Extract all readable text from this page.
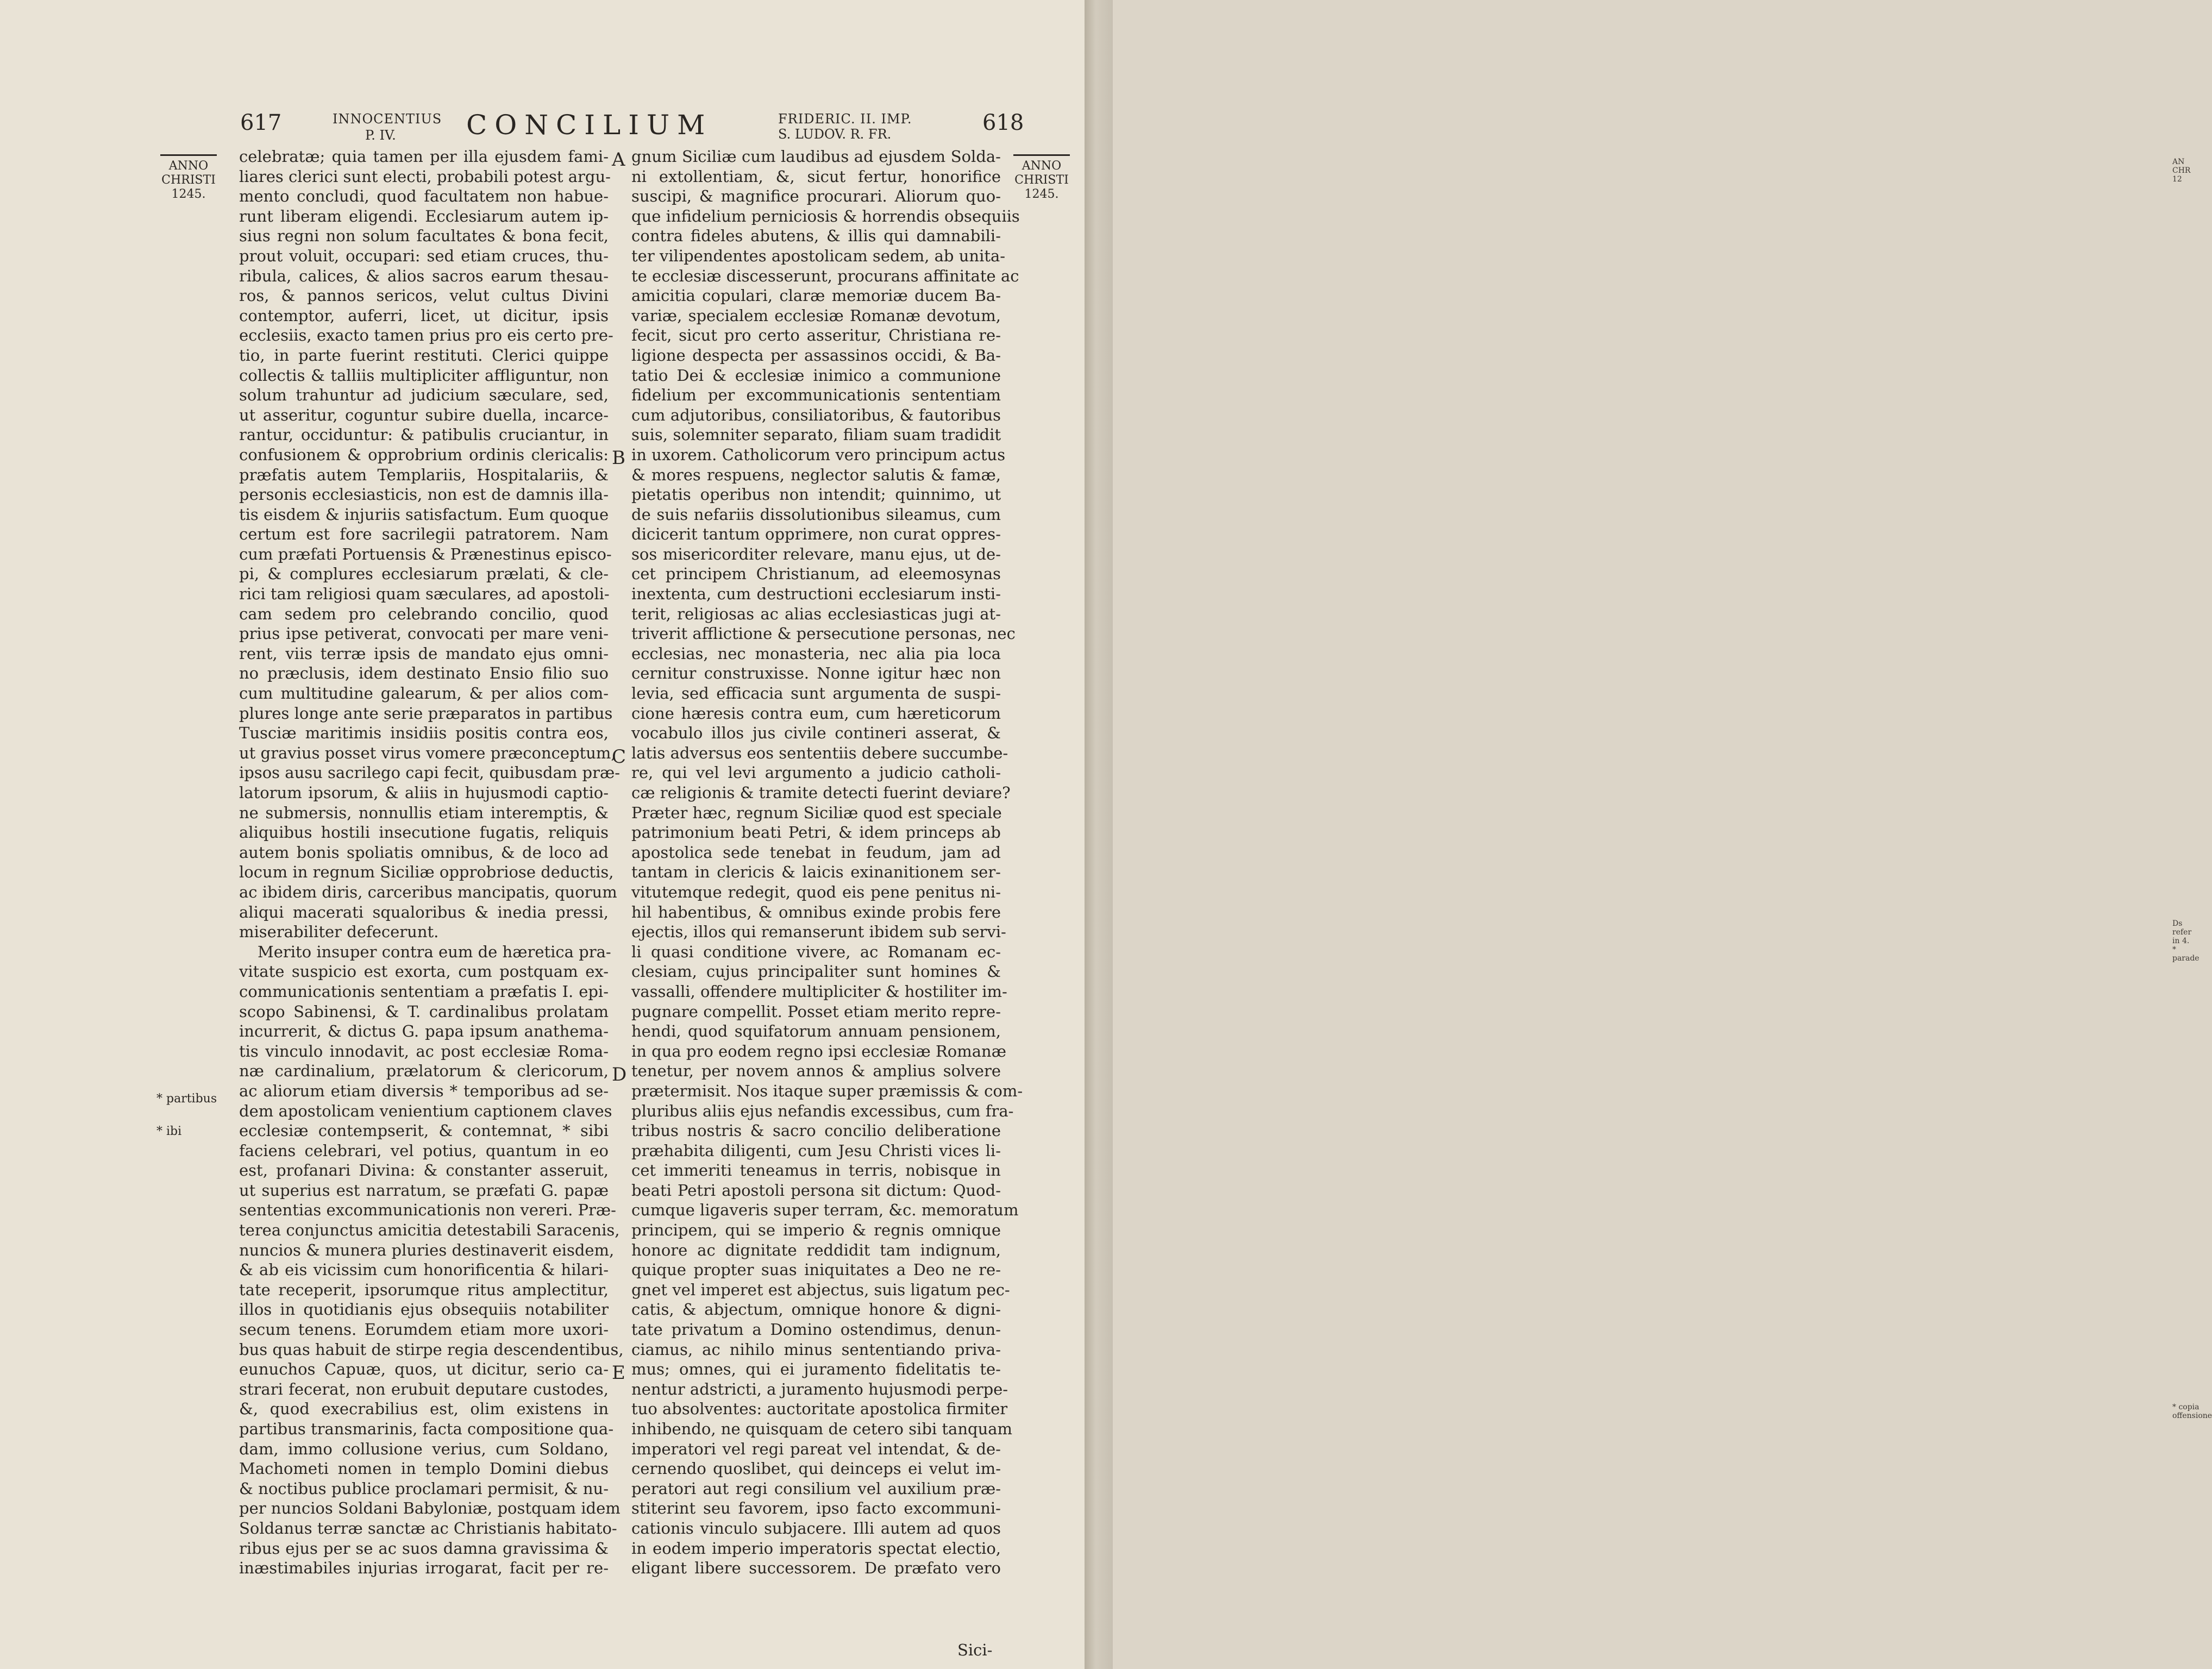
617	INNOCENTIUS
P. IV.	CONCILIUM	FRIDERIC. II. IMP.
S. LUDOV. R. FR.	618
ANNO
CHRISTI
1245.
ANNO
CHRISTI
1245.
* partibus
* ibi
A
B
C
D
E
celebratæ; quia tamen per illa ejusdem fami-
liares clerici sunt electi, probabili potest argu-
mento concludi, quod facultatem non habue-
runt liberam eligendi. Ecclesiarum autem ip-
sius regni non solum facultates & bona fecit,
prout voluit, occupari: sed etiam cruces, thu-
ribula, calices, & alios sacros earum thesau-
ros, & pannos sericos, velut cultus Divini
contemptor, auferri, licet, ut dicitur, ipsis
ecclesiis, exacto tamen prius pro eis certo pre-
tio, in parte fuerint restituti. Clerici quippe
collectis & talliis multipliciter affliguntur, non
solum trahuntur ad judicium sæculare, sed,
ut asseritur, coguntur subire duella, incarce-
rantur, occiduntur: & patibulis cruciantur, in
confusionem & opprobrium ordinis clericalis:
præfatis autem Templariis, Hospitalariis, &
personis ecclesiasticis, non est de damnis illa-
tis eisdem & injuriis satisfactum. Eum quoque
certum est fore sacrilegii patratorem. Nam
cum præfati Portuensis & Prænestinus episco-
pi, & complures ecclesiarum prælati, & cle-
rici tam religiosi quam sæculares, ad apostoli-
cam sedem pro celebrando concilio, quod
prius ipse petiverat, convocati per mare veni-
rent, viis terræ ipsis de mandato ejus omni-
no præclusis, idem destinato Ensio filio suo
cum multitudine galearum, & per alios com-
plures longe ante serie præparatos in partibus
Tusciæ maritimis insidiis positis contra eos,
ut gravius posset virus vomere præconceptum,
ipsos ausu sacrilego capi fecit, quibusdam præ-
latorum ipsorum, & aliis in hujusmodi captio-
ne submersis, nonnullis etiam interemptis, &
aliquibus hostili insecutione fugatis, reliquis
autem bonis spoliatis omnibus, & de loco ad
locum in regnum Siciliæ opprobriose deductis,
ac ibidem diris, carceribus mancipatis, quorum
aliqui macerati squaloribus & inedia pressi,
miserabiliter defecerunt.
Merito insuper contra eum de hæretica pra-
vitate suspicio est exorta, cum postquam ex-
communicationis sententiam a præfatis I. epi-
scopo Sabinensi, & T. cardinalibus prolatam
incurrerit, & dictus G. papa ipsum anathema-
tis vinculo innodavit, ac post ecclesiæ Roma-
næ cardinalium, prælatorum & clericorum,
ac aliorum etiam diversis * temporibus ad se-
dem apostolicam venientium captionem claves
ecclesiæ contempserit, & contemnat, * sibi
faciens celebrari, vel potius, quantum in eo
est, profanari Divina: & constanter asseruit,
ut superius est narratum, se præfati G. papæ
sententias excommunicationis non vereri. Præ-
terea conjunctus amicitia detestabili Saracenis,
nuncios & munera pluries destinaverit eisdem,
& ab eis vicissim cum honorificentia & hilari-
tate receperit, ipsorumque ritus amplectitur,
illos in quotidianis ejus obsequiis notabiliter
secum tenens. Eorumdem etiam more uxori-
bus quas habuit de stirpe regia descendentibus,
eunuchos Capuæ, quos, ut dicitur, serio ca-
strari fecerat, non erubuit deputare custodes,
&, quod execrabilius est, olim existens in
partibus transmarinis, facta compositione qua-
dam, immo collusione verius, cum Soldano,
Machometi nomen in templo Domini diebus
& noctibus publice proclamari permisit, & nu-
per nuncios Soldani Babyloniæ, postquam idem
Soldanus terræ sanctæ ac Christianis habitato-
ribus ejus per se ac suos damna gravissima &
inæstimabiles injurias irrogarat, facit per re-
gnum Siciliæ cum laudibus ad ejusdem Solda-
ni extollentiam, &, sicut fertur, honorifice
suscipi, & magnifice procurari. Aliorum quo-
que infidelium perniciosis & horrendis obsequiis
contra fideles abutens, & illis qui damnabili-
ter vilipendentes apostolicam sedem, ab unita-
te ecclesiæ discesserunt, procurans affinitate ac
amicitia copulari, claræ memoriæ ducem Ba-
variæ, specialem ecclesiæ Romanæ devotum,
fecit, sicut pro certo asseritur, Christiana re-
ligione despecta per assassinos occidi, & Ba-
tatio Dei & ecclesiæ inimico a communione
fidelium per excommunicationis sententiam
cum adjutoribus, consiliatoribus, & fautoribus
suis, solemniter separato, filiam suam tradidit
in uxorem. Catholicorum vero principum actus
& mores respuens, neglector salutis & famæ,
pietatis operibus non intendit; quinnimo, ut
de suis nefariis dissolutionibus sileamus, cum
dicicerit tantum opprimere, non curat oppres-
sos misericorditer relevare, manu ejus, ut de-
cet principem Christianum, ad eleemosynas
inextenta, cum destructioni ecclesiarum insti-
terit, religiosas ac alias ecclesiasticas jugi at-
triverit afflictione & persecutione personas, nec
ecclesias, nec monasteria, nec alia pia loca
cernitur construxisse. Nonne igitur hæc non
levia, sed efficacia sunt argumenta de suspi-
cione hæresis contra eum, cum hæreticorum
vocabulo illos jus civile contineri asserat, &
latis adversus eos sententiis debere succumbe-
re, qui vel levi argumento a judicio catholi-
cæ religionis & tramite detecti fuerint deviare?
Præter hæc, regnum Siciliæ quod est speciale
patrimonium beati Petri, & idem princeps ab
apostolica sede tenebat in feudum, jam ad
tantam in clericis & laicis exinanitionem ser-
vitutemque redegit, quod eis pene penitus ni-
hil habentibus, & omnibus exinde probis fere
ejectis, illos qui remanserunt ibidem sub servi-
li quasi conditione vivere, ac Romanam ec-
clesiam, cujus principaliter sunt homines &
vassalli, offendere multipliciter & hostiliter im-
pugnare compellit. Posset etiam merito repre-
hendi, quod squifatorum annuam pensionem,
in qua pro eodem regno ipsi ecclesiæ Romanæ
tenetur, per novem annos & amplius solvere
prætermisit. Nos itaque super præmissis & com-
pluribus aliis ejus nefandis excessibus, cum fra-
tribus nostris & sacro concilio deliberatione
præhabita diligenti, cum Jesu Christi vices li-
cet immeriti teneamus in terris, nobisque in
beati Petri apostoli persona sit dictum: Quod-
cumque ligaveris super terram, &c. memoratum
principem, qui se imperio & regnis omnique
honore ac dignitate reddidit tam indignum,
quique propter suas iniquitates a Deo ne re-
gnet vel imperet est abjectus, suis ligatum pec-
catis, & abjectum, omnique honore & digni-
tate privatum a Domino ostendimus, denun-
ciamus, ac nihilo minus sententiando priva-
mus; omnes, qui ei juramento fidelitatis te-
nentur adstricti, a juramento hujusmodi perpe-
tuo absolventes: auctoritate apostolica firmiter
inhibendo, ne quisquam de cetero sibi tanquam
imperatori vel regi pareat vel intendat, & de-
cernendo quoslibet, qui deinceps ei velut im-
peratori aut regi consilium vel auxilium præ-
stiterint seu favorem, ipso facto excommuni-
cationis vinculo subjacere. Illi autem ad quos
in eodem imperio imperatoris spectat electio,
eligant libere successorem. De præfato vero
Sici-
AN
CHR
12
Ds refer
in 4.
* parade
* copia
offensione
